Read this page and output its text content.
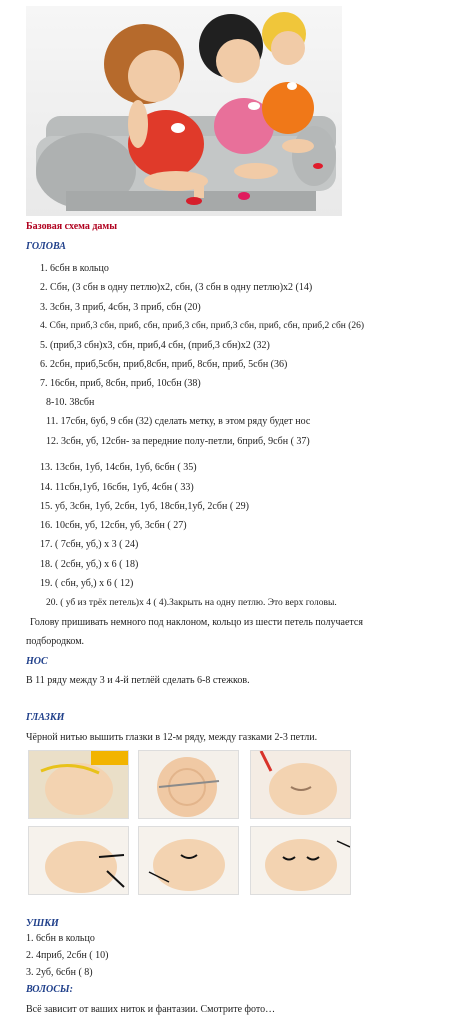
Базовая схема дамы
ГОЛОВА
1. 6сбн в кольцо
2. Сбн, (3 сбн в одну петлю)х2, сбн, (3 сбн в одну петлю)х2 (14)
3. 3сбн, 3 приб, 4сбн, 3 приб, сбн (20)
4. Сбн, приб,3 сбн, приб, сбн, приб,3 сбн, приб,3 сбн, приб, сбн, приб,2 сбн (26)
5. (приб,3 сбн)х3, сбн, приб,4 сбн, (приб,3 сбн)х2 (32)
6. 2сбн, приб,5сбн, приб,8сбн, приб, 8сбн, приб, 5сбн (36)
7. 16сбн, приб, 8сбн, приб, 10сбн (38)
8-10. 38сбн
11. 17сбн, 6уб, 9 сбн (32) сделать метку, в этом ряду будет нос
12. 3сбн, уб, 12сбн- за передние полу-петли, 6приб, 9сбн ( 37)
13. 13сбн, 1уб, 14сбн, 1уб, 6сбн ( 35)
14. 11сбн,1уб, 16сбн, 1уб, 4сбн ( 33)
15. уб, 3сбн, 1уб, 2сбн, 1уб, 18сбн,1уб, 2сбн ( 29)
16. 10сбн, уб, 12сбн, уб, 3сбн ( 27)
17. ( 7сбн, уб,) х 3 ( 24)
18. ( 2сбн, уб,) х 6 ( 18)
19. ( сбн, уб,) х 6 ( 12)
20. ( уб из трёх петель)х 4 ( 4).Закрыть на одну петлю. Это верх головы.
Голову пришивать немного под наклоном, кольцо из шести петель получается
подбородком.
НОС
В 11 ряду между 3 и 4-й петлёй сделать 6-8 стежков.
ГЛАЗКИ
Чёрной нитью вышить глазки в 12-м ряду, между газками 2-3 петли.
УШКИ
1. 6сбн в кольцо
2. 4приб, 2сбн ( 10)
3. 2уб, 6сбн ( 8)
ВОЛОСЫ:
Всё зависит от ваших ниток и фантазии. Смотрите фото…
